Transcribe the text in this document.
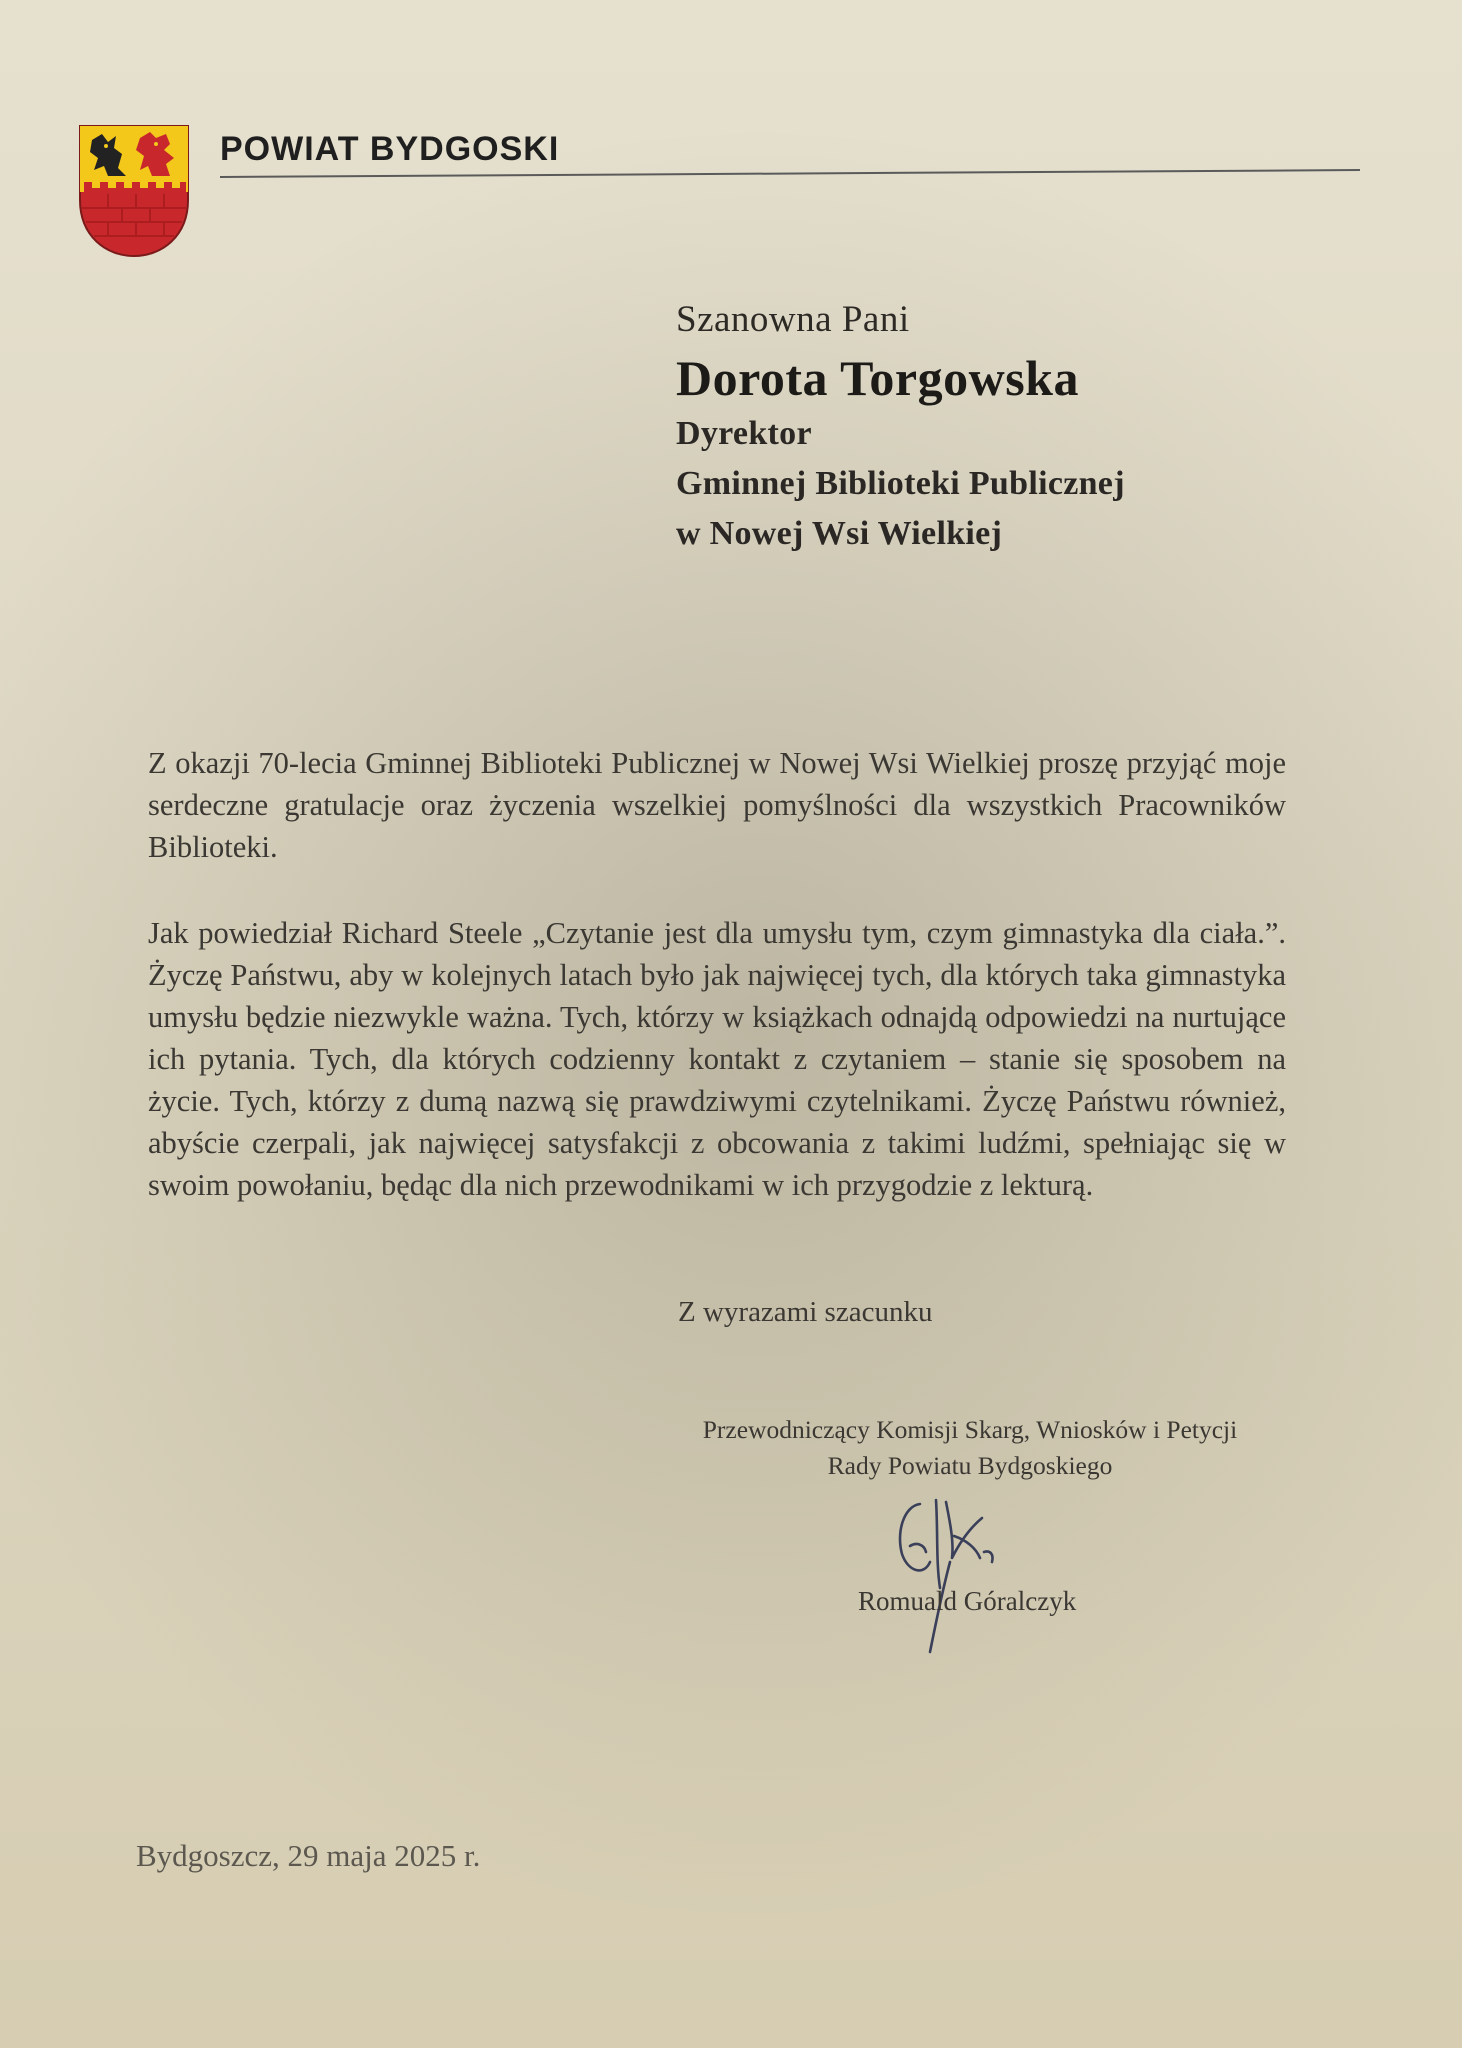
POWIAT BYDGOSKI
Szanowna Pani
Dorota Torgowska
Dyrektor
Gminnej Biblioteki Publicznej
w Nowej Wsi Wielkiej

Z okazji 70-lecia Gminnej Biblioteki Publicznej w Nowej Wsi Wielkiej proszę przyjąć moje serdeczne gratulacje oraz życzenia wszelkiej pomyślności dla wszystkich Pracowników Biblioteki.

Jak powiedział Richard Steele „Czytanie jest dla umysłu tym, czym gimnastyka dla ciała.”. Życzę Państwu, aby w kolejnych latach było jak najwięcej tych, dla których taka gimnastyka umysłu będzie niezwykle ważna. Tych, którzy w książkach odnajdą odpowiedzi na nurtujące ich pytania. Tych, dla których codzienny kontakt z czytaniem – stanie się sposobem na życie. Tych, którzy z dumą nazwą się prawdziwymi czytelnikami. Życzę Państwu również, abyście czerpali, jak najwięcej satysfakcji z obcowania z takimi ludźmi, spełniając się w swoim powołaniu, będąc dla nich przewodnikami w ich przygodzie z lekturą.

Z wyrazami szacunku
Przewodniczący Komisji Skarg, Wniosków i Petycji
Rady Powiatu Bydgoskiego
Romuald Góralczyk
Bydgoszcz, 29 maja 2025 r.
